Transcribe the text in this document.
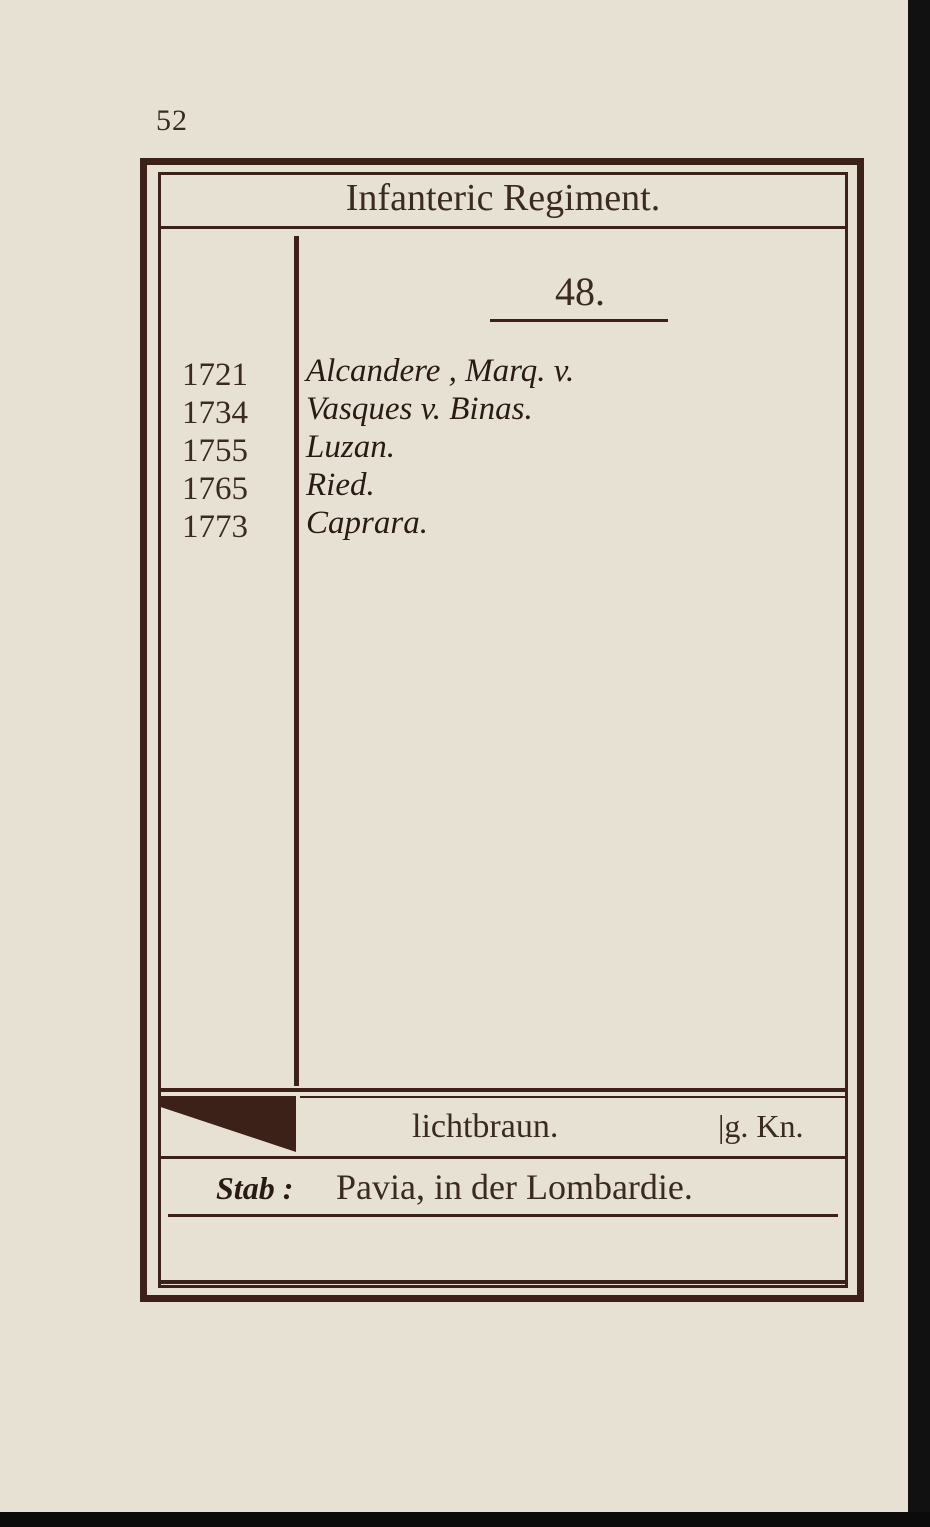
52
Infanteric Regiment.
48.
1721
1734
1755
1765
1773
Alcandere , Marq. v.
Vasques v. Binas.
Luzan.
Ried.
Caprara.
lichtbraun.	|g. Kn.
Stab : Pavia, in der Lombardie.
